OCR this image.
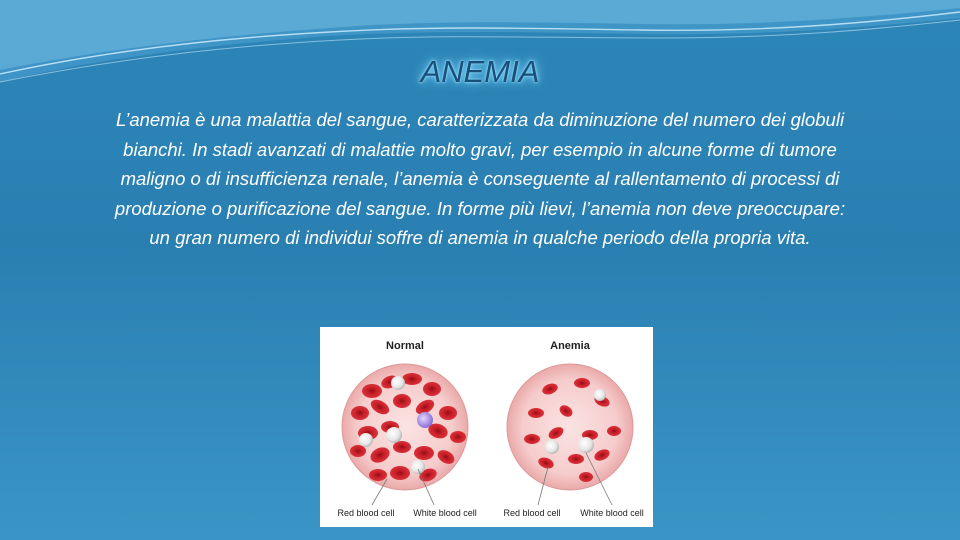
ANEMIA

L’anemia è una malattia del sangue, caratterizzata da diminuzione del numero dei globuli bianchi. In stadi avanzati di malattie molto gravi, per esempio in alcune forme di tumore maligno o di insufficienza renale, l’anemia è conseguente al rallentamento di processi di produzione o purificazione del sangue. In forme più lievi, l’anemia non deve preoccupare: un gran numero di individui soffre di anemia in qualche periodo della propria vita.

Normal
Red blood cell White blood cell
Anemia
Red blood cell White blood cell
